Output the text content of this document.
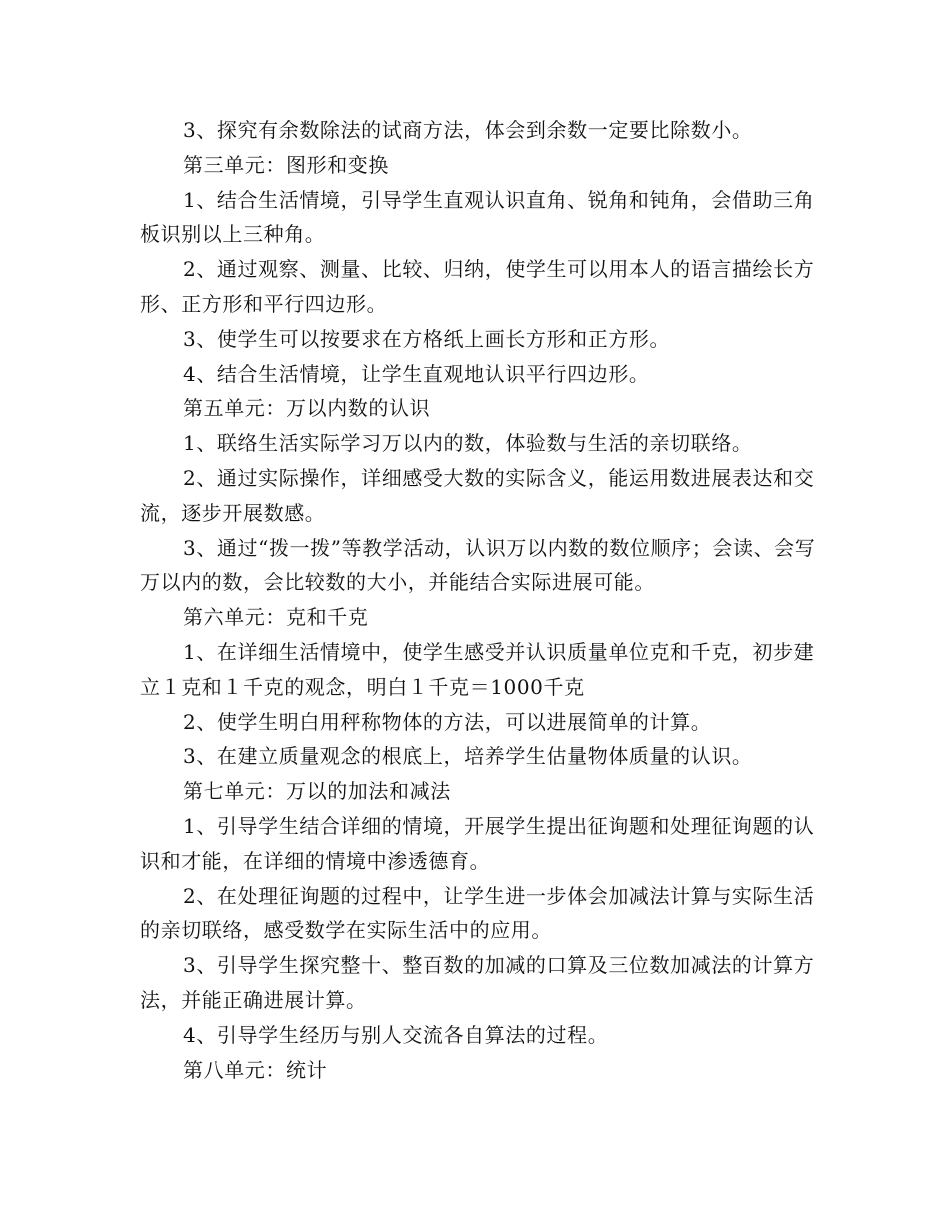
3、探究有余数除法的试商方法，体会到余数一定要比除数小。

第三单元：图形和变换

1、结合生活情境，引导学生直观认识直角、锐角和钝角，会借助三角板识别以上三种角。

2、通过观察、测量、比较、归纳，使学生可以用本人的语言描绘长方形、正方形和平行四边形。

3、使学生可以按要求在方格纸上画长方形和正方形。

4、结合生活情境，让学生直观地认识平行四边形。

第五单元：万以内数的认识

1、联络生活实际学习万以内的数，体验数与生活的亲切联络。

2、通过实际操作，详细感受大数的实际含义，能运用数进展表达和交流，逐步开展数感。

3、通过“拨一拨”等教学活动，认识万以内数的数位顺序；会读、会写万以内的数，会比较数的大小，并能结合实际进展可能。

第六单元：克和千克

1、在详细生活情境中，使学生感受并认识质量单位克和千克，初步建立１克和１千克的观念，明白１千克＝1000千克

2、使学生明白用秤称物体的方法，可以进展简单的计算。

3、在建立质量观念的根底上，培养学生估量物体质量的认识。

第七单元：万以的加法和减法

1、引导学生结合详细的情境，开展学生提出征询题和处理征询题的认识和才能，在详细的情境中渗透德育。

2、在处理征询题的过程中，让学生进一步体会加减法计算与实际生活的亲切联络，感受数学在实际生活中的应用。

3、引导学生探究整十、整百数的加减的口算及三位数加减法的计算方法，并能正确进展计算。

4、引导学生经历与别人交流各自算法的过程。

第八单元：统计
